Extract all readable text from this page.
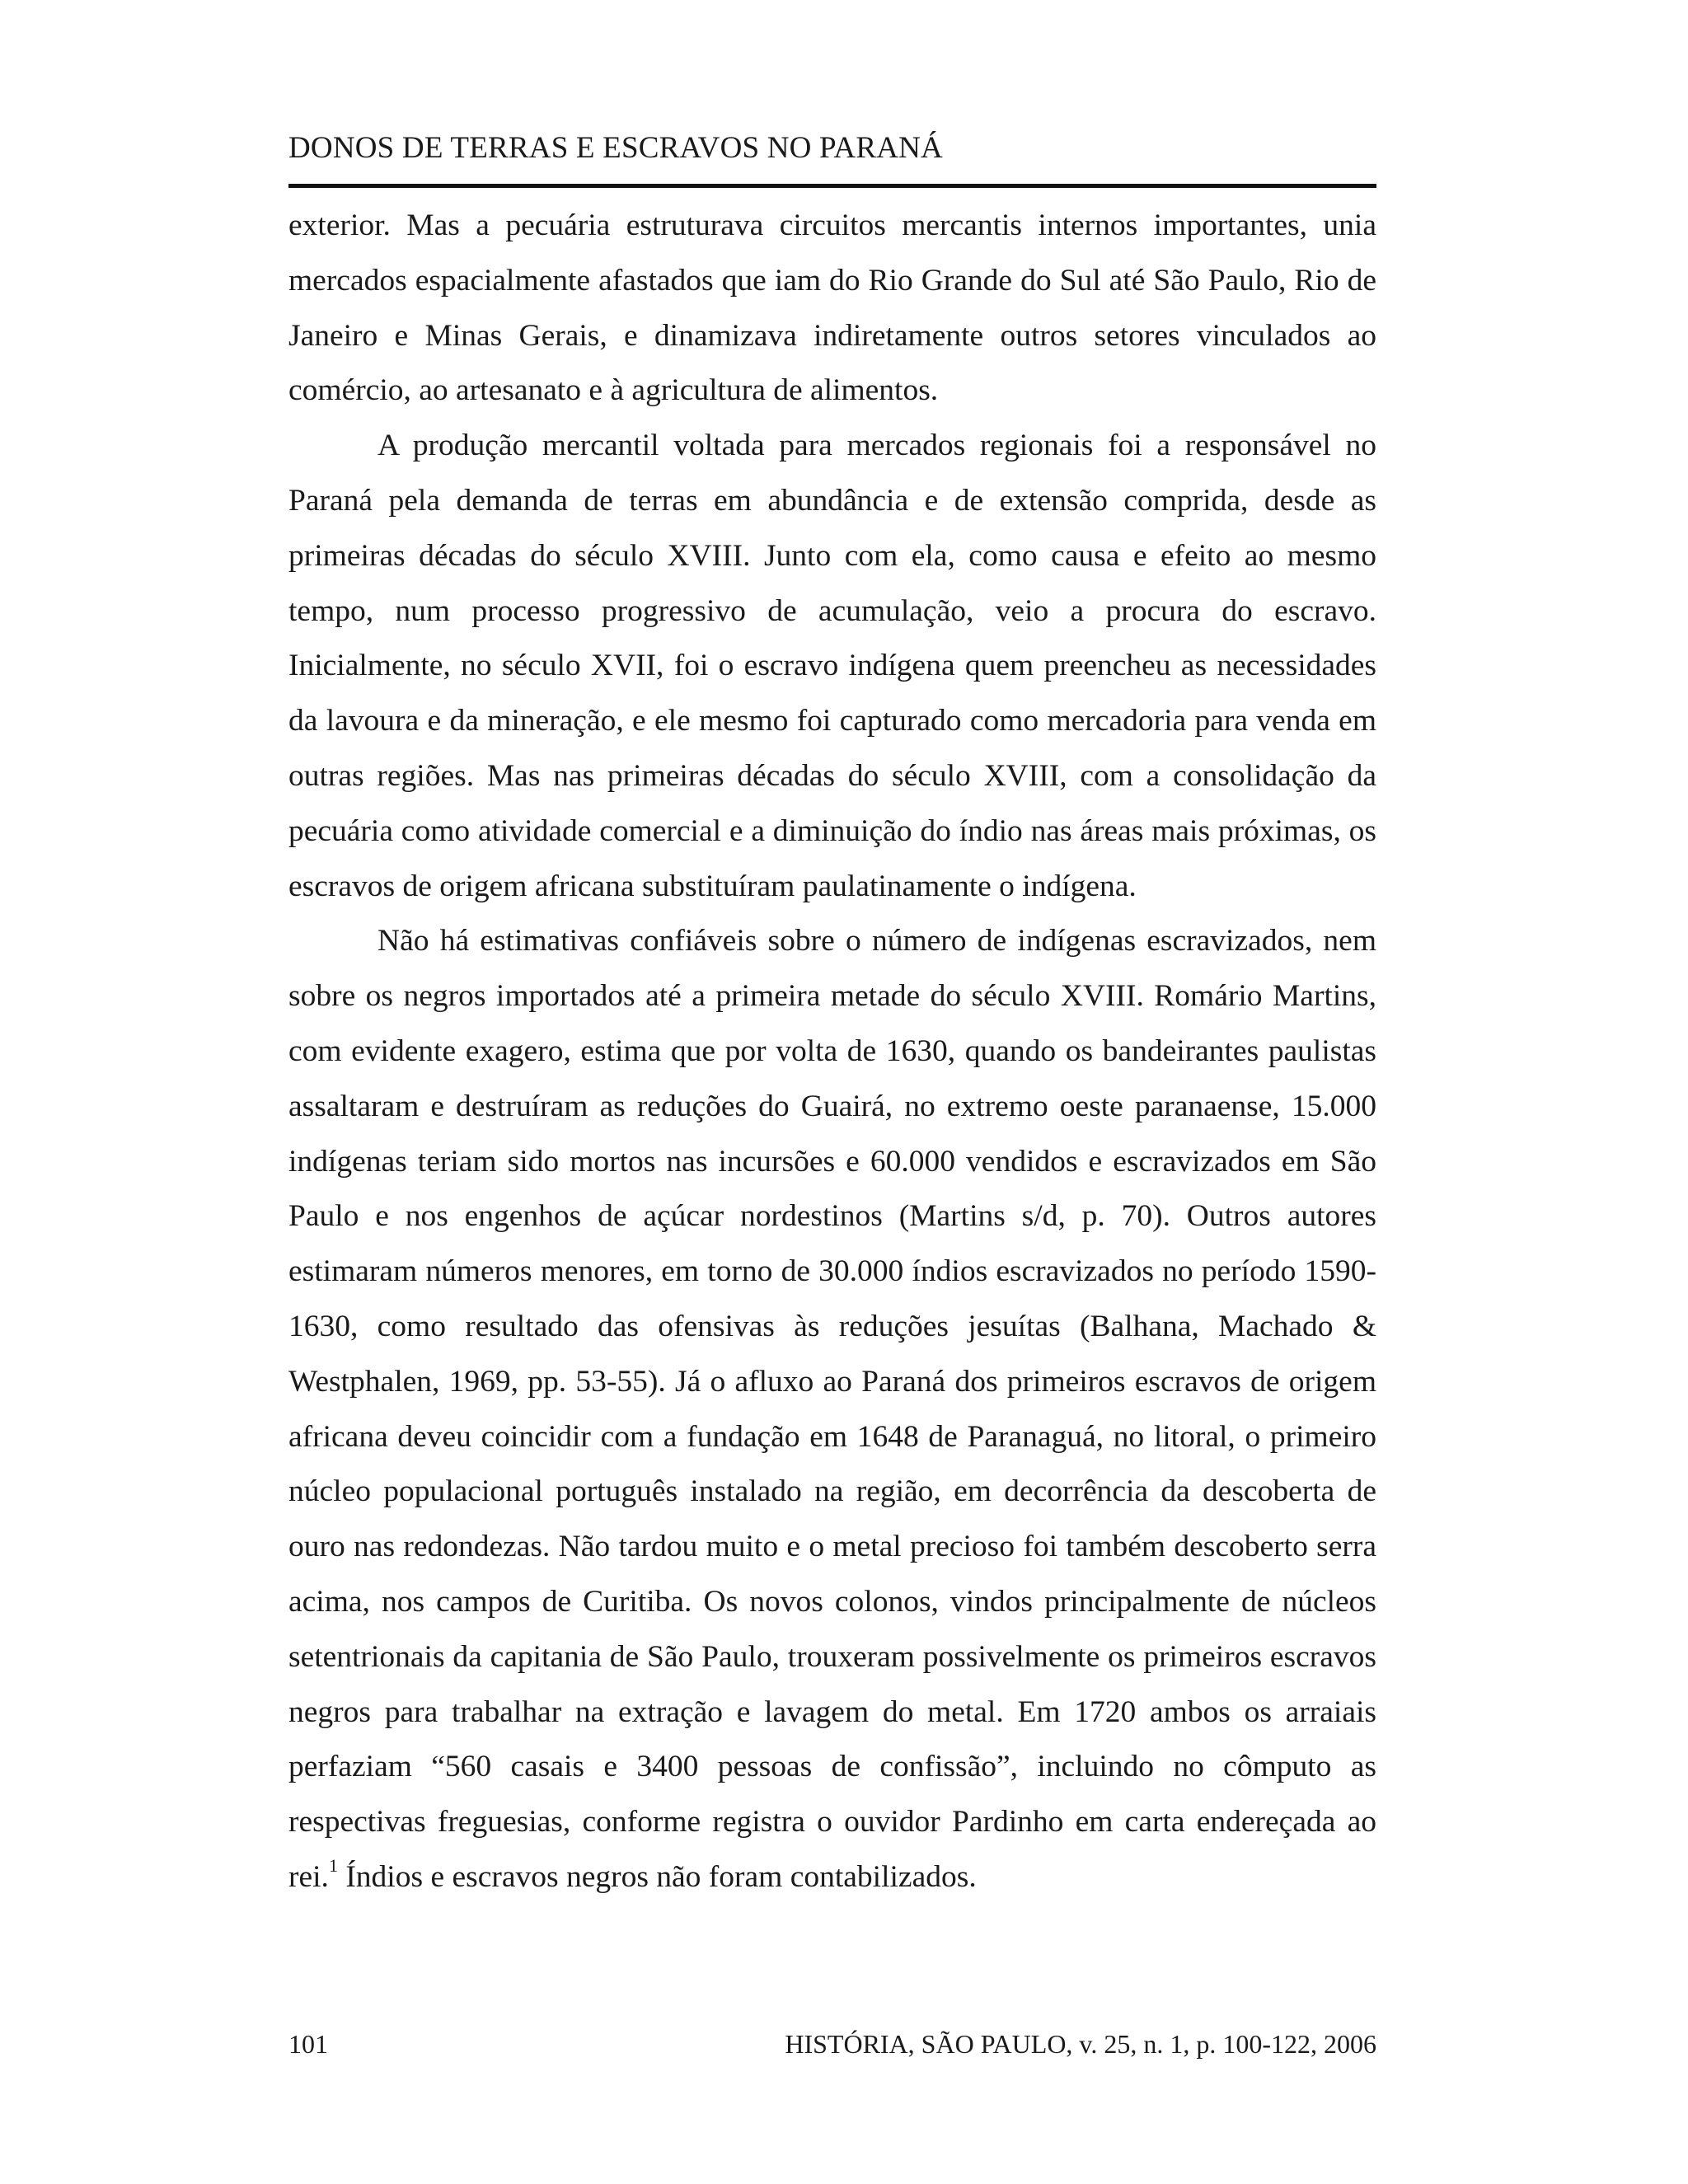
DONOS DE TERRAS E ESCRAVOS NO PARANÁ

exterior. Mas a pecuária estruturava circuitos mercantis internos importantes, unia mercados espacialmente afastados que iam do Rio Grande do Sul até São Paulo, Rio de Janeiro e Minas Gerais, e dinamizava indiretamente outros setores vinculados ao comércio, ao artesanato e à agricultura de alimentos.

A produção mercantil voltada para mercados regionais foi a responsável no Paraná pela demanda de terras em abundância e de extensão comprida, desde as primeiras décadas do século XVIII. Junto com ela, como causa e efeito ao mesmo tempo, num processo progressivo de acumulação, veio a procura do escravo. Inicialmente, no século XVII, foi o escravo indígena quem preencheu as necessidades da lavoura e da mineração, e ele mesmo foi capturado como mercadoria para venda em outras regiões. Mas nas primeiras décadas do século XVIII, com a consolidação da pecuária como atividade comercial e a diminuição do índio nas áreas mais próximas, os escravos de origem africana substituíram paulatinamente o indígena.

Não há estimativas confiáveis sobre o número de indígenas escravizados, nem sobre os negros importados até a primeira metade do século XVIII. Romário Martins, com evidente exagero, estima que por volta de 1630, quando os bandeirantes paulistas assaltaram e destruíram as reduções do Guairá, no extremo oeste paranaense, 15.000 indígenas teriam sido mortos nas incursões e 60.000 vendidos e escravizados em São Paulo e nos engenhos de açúcar nordestinos (Martins s/d, p. 70). Outros autores estimaram números menores, em torno de 30.000 índios escravizados no período 1590-1630, como resultado das ofensivas às reduções jesuítas (Balhana, Machado & Westphalen, 1969, pp. 53-55). Já o afluxo ao Paraná dos primeiros escravos de origem africana deveu coincidir com a fundação em 1648 de Paranaguá, no litoral, o primeiro núcleo populacional português instalado na região, em decorrência da descoberta de ouro nas redondezas. Não tardou muito e o metal precioso foi também descoberto serra acima, nos campos de Curitiba. Os novos colonos, vindos principalmente de núcleos setentrionais da capitania de São Paulo, trouxeram possivelmente os primeiros escravos negros para trabalhar na extração e lavagem do metal. Em 1720 ambos os arraiais perfaziam “560 casais e 3400 pessoas de confissão”, incluindo no cômputo as respectivas freguesias, conforme registra o ouvidor Pardinho em carta endereçada ao rei.$^1$ Índios e escravos negros não foram contabilizados.

101	HISTÓRIA, SÃO PAULO, v. 25, n. 1, p. 100-122, 2006
